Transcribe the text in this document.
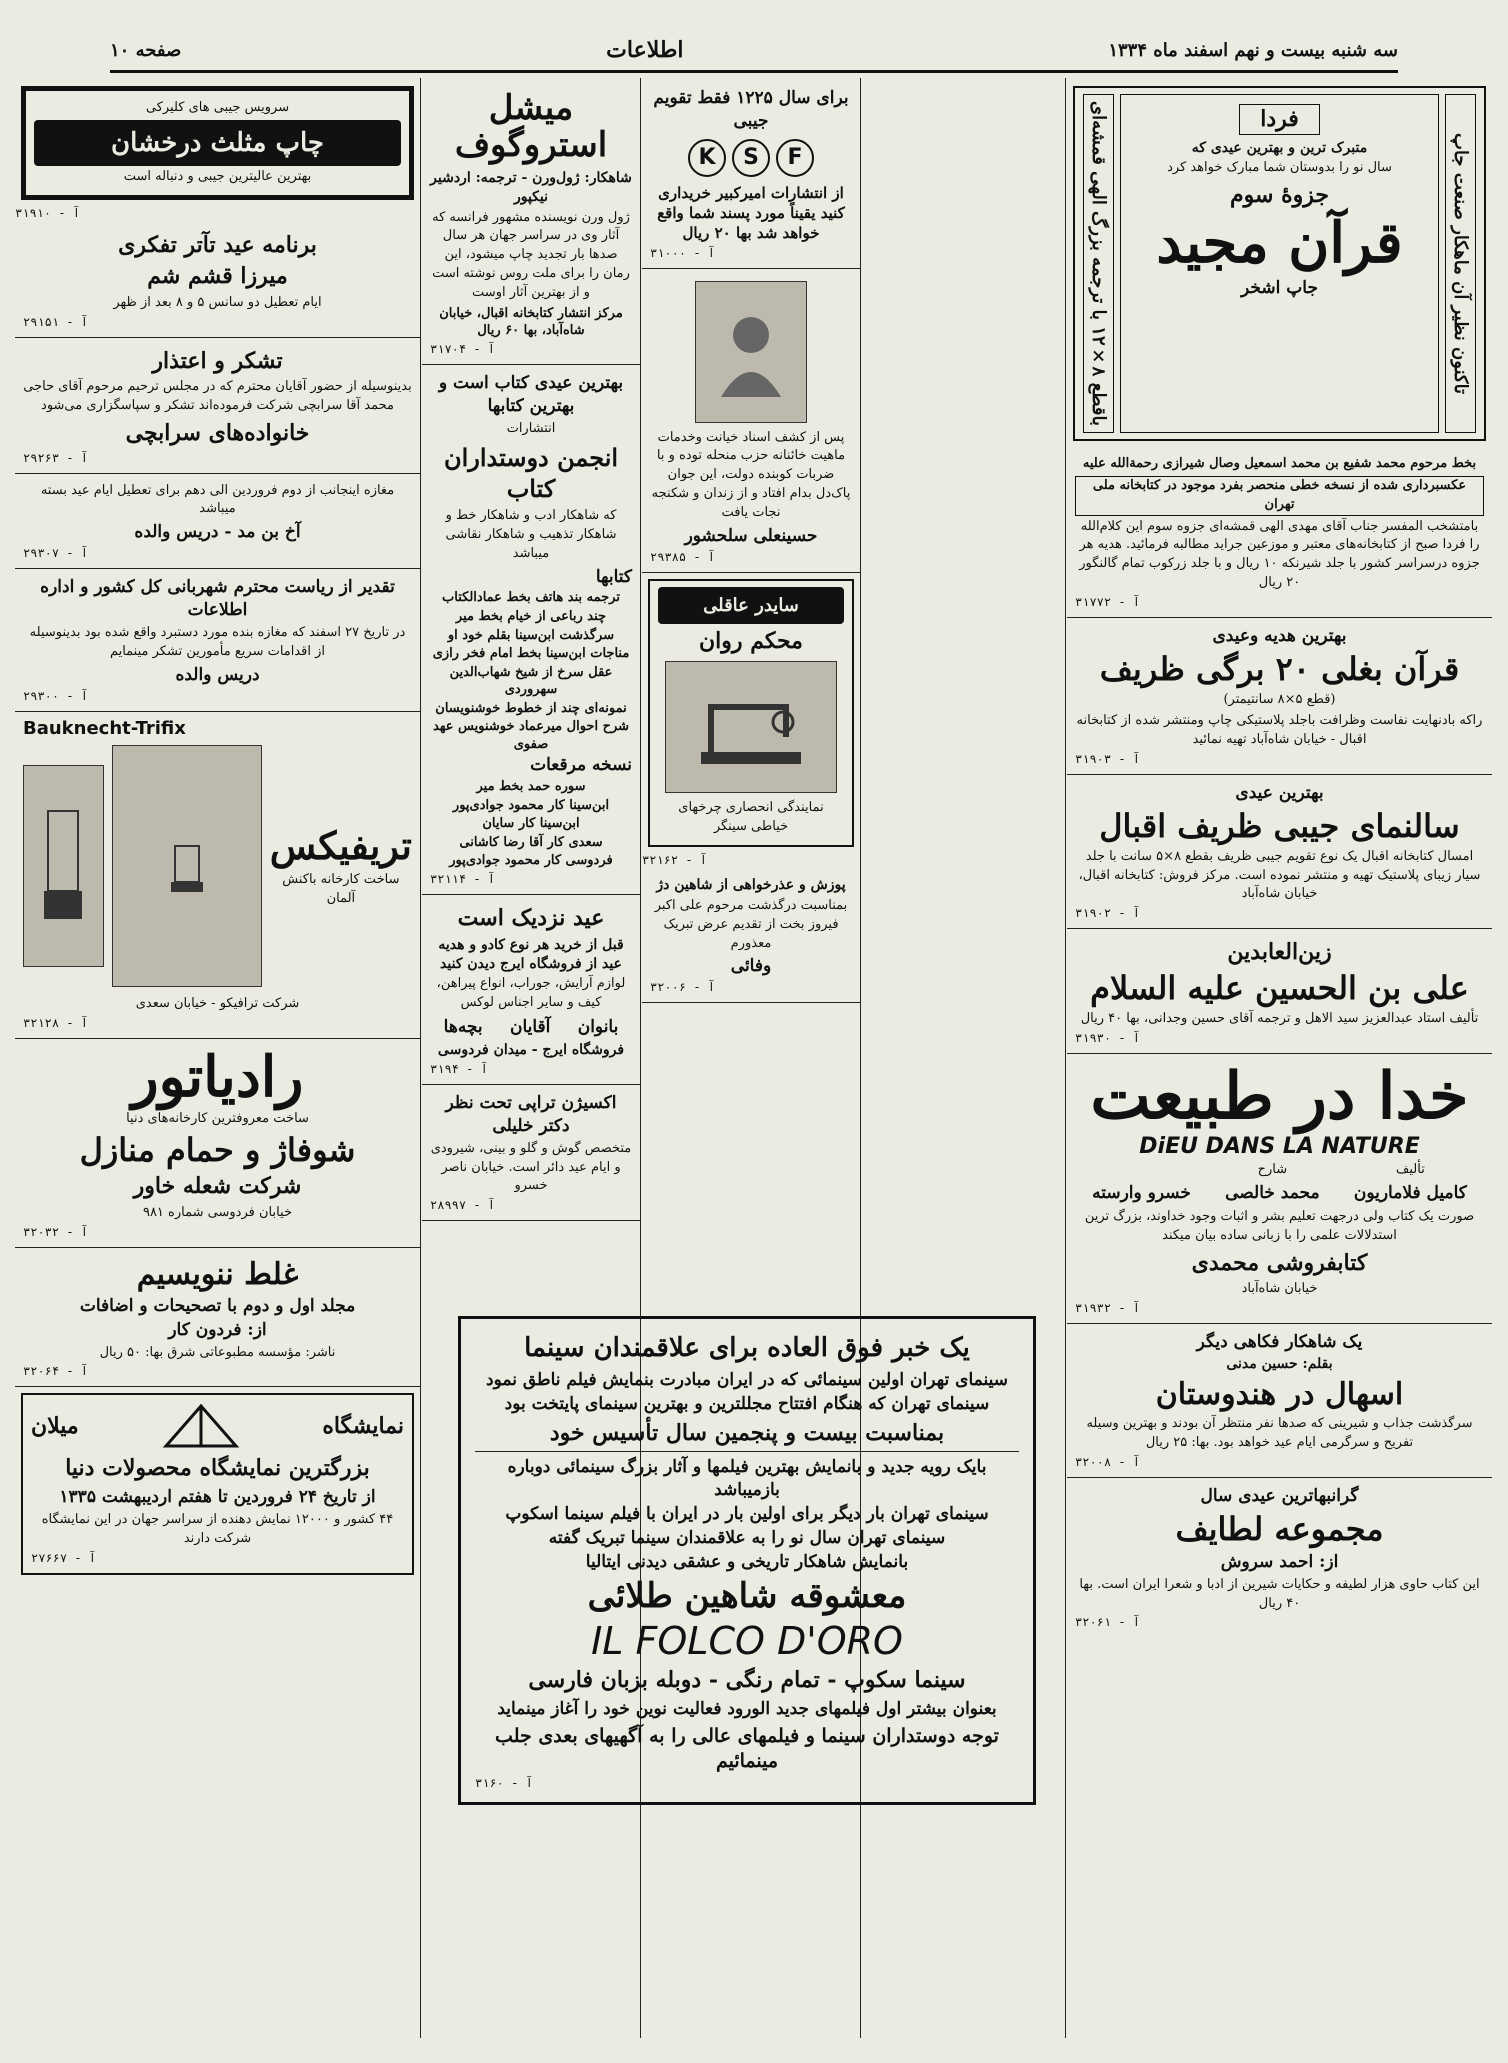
صفحه ۱۰	اطلاعات	سه شنبه بیست و نهم اسفند ماه ۱۳۳۴
سرویس جیبی های کلیرکی
چاپ مثلث درخشان
بهترین عالیترین جیبی و دنباله است
آ - ۳۱۹۱۰
برنامه عید تآتر تفکری
میرزا قشم شم
ایام تعطیل دو سانس ۵ و ۸ بعد از ظهر
آ - ۲۹۱۵۱
تشکر و اعتذار
بدینوسیله از حضور آقایان محترم که در مجلس ترحیم مرحوم آقای حاجی محمد آقا سرابچی شرکت فرموده‌اند تشکر و سپاسگزاری می‌شود
خانواده‌های سرابچی
آ - ۲۹۲۶۳
مغازه اینجانب از دوم فروردین الی دهم برای تعطیل ایام عید بسته میباشد
آخ بن مد - دریس والده
آ - ۲۹۳۰۷
تقدیر از ریاست محترم شهربانی کل کشور و اداره اطلاعات
در تاریخ ۲۷ اسفند که مغازه بنده مورد دستبرد واقع شده بود بدینوسیله از اقدامات سریع مأمورین تشکر مینمایم
دریس والده
آ - ۲۹۳۰۰
Bauknecht-Trifix
تریفیکس
ساخت کارخانه باکنش آلمان
شرکت ترافیکو - خیابان سعدی
آ - ۳۲۱۲۸
رادیاتور
ساخت معروفترین کارخانه‌های دنیا
شوفاژ و حمام منازل
شرکت شعله خاور
خیابان فردوسی شماره ۹۸۱
آ - ۳۲۰۳۲
غلط ننویسیم
مجلد اول و دوم با تصحیحات و اضافات
از: فردون کار
ناشر: مؤسسه مطبوعاتی شرق بها: ۵۰ ریال
آ - ۳۲۰۶۴
نمایشگاه
میلان
بزرگترین نمایشگاه محصولات دنیا
از تاریخ ۲۴ فروردین تا هفتم اردیبهشت ۱۳۳۵
۴۴ کشور و ۱۲۰۰۰ نمایش دهنده از سراسر جهان در این نمایشگاه شرکت دارند
آ - ۲۷۶۶۷
میشل استروگوف
شاهکار: ژول‌ورن - ترجمه: اردشیر نیکپور
ژول ورن نویسنده مشهور فرانسه که آثار وی در سراسر جهان هر سال صدها بار تجدید چاپ میشود، این رمان را برای ملت روس نوشته است و از بهترین آثار اوست
مرکز انتشار کتابخانه اقبال، خیابان شاه‌آباد، بها ۶۰ ریال
آ - ۳۱۷۰۴
بهترین عیدی کتاب است و بهترین کتابها
انتشارات
انجمن دوستداران کتاب
که شاهکار ادب و شاهکار خط و شاهکار تذهیب و شاهکار نقاشی میباشد
کتابها
ترجمه بند هاتف بخط عمادالکتاب
چند رباعی از خیام بخط میر
سرگذشت ابن‌سینا بقلم خود او
مناجات ابن‌سینا بخط امام فخر رازی
عقل سرخ از شیخ شهاب‌الدین سهروردی
نمونه‌ای چند از خطوط خوشنویسان
شرح احوال میرعماد خوشنویس عهد صفوی
نسخه مرقعات
سوره حمد بخط میر
ابن‌سینا کار محمود جوادی‌پور
ابن‌سینا کار سایان
سعدی کار آقا رضا کاشانی
فردوسی کار محمود جوادی‌پور
آ - ۳۲۱۱۴
عید نزدیک است
قبل از خرید هر نوع کادو و هدیه عید از فروشگاه ایرج دیدن کنید
لوازم آرایش، جوراب، انواع پیراهن، کیف و سایر اجناس لوکس
بانوان
آقایان
بچه‌ها
فروشگاه ایرج - میدان فردوسی
آ - ۳۱۹۴
اکسیژن تراپی تحت نظر دکتر خلیلی
متخصص گوش و گلو و بینی، شیرودی و ایام عید دائر است. خیابان ناصر خسرو
آ - ۲۸۹۹۷
برای سال ۱۲۲۵ فقط تقویم جیبی
K	S	F
از انتشارات امیرکبیر خریداری کنید یقیناً مورد پسند شما واقع خواهد شد بها ۲۰ ریال
آ - ۳۱۰۰۰
پس از کشف اسناد خیانت وخدمات ماهیت خائنانه حزب منحله توده و با ضربات کوبنده دولت، این جوان پاک‌دل بدام افتاد و از زندان و شکنجه نجات یافت
حسینعلی سلحشور
آ - ۲۹۳۸۵
سایدر عاقلی
محکم روان
نمایندگی انحصاری چرخهای خیاطی سینگر
آ - ۳۲۱۶۲
پوزش و عذرخواهی از شاهین دژ
بمناسبت درگذشت مرحوم علی اکبر فیروز بخت از تقدیم عرض تبریک معذورم
وفائی
آ - ۳۲۰۰۶
یک خبر فوق العاده برای علاقمندان سینما
سینمای تهران اولین سینمائی که در ایران مبادرت بنمایش فیلم ناطق نمود
سینمای تهران که هنگام افتتاح مجللترین و بهترین سینمای پایتخت بود
بمناسبت بیست و پنجمین سال تأسیس خود
بایک رویه جدید و بانمایش بهترین فیلمها و آثار بزرگ سینمائی دوباره بازمیباشد
سینمای تهران بار دیگر برای اولین بار در ایران با فیلم سینما اسکوپ
سینمای تهران سال نو را به علاقمندان سینما تبریک گفته
بانمایش شاهکار تاریخی و عشقی دیدنی ایتالیا
معشوقه شاهین طلائی
IL FOLCO D'ORO
سینما سکوپ - تمام رنگی - دوبله بزبان فارسی
بعنوان بیشتر اول فیلمهای جدید الورود فعالیت نوین خود را آغاز مینماید
توجه دوستداران سینما و فیلمهای عالی را به آگهیهای بعدی جلب مینمائیم
آ - ۳۱۶۰
تاکنون نظیر آن ماهکار صنعت جاپ
فردا
متبرک ترین و بهترین عیدی که
سال نو را بدوستان شما مبارک خواهد کرد
جزوهٔ سوم
قرآن مجید
جاپ اشخر
باقطع ۸×۱۲ با ترجمه بزرگ الهی قمشه‌ای
بخط مرحوم محمد شفیع بن محمد اسمعیل وصال شیرازی رحمة‌الله علیه
عکسبرداری شده از نسخه خطی منحصر بفرد موجود در کتابخانه ملی تهران
بامتشخب المفسر جناب آقای مهدی الهی قمشه‌ای جزوه سوم این کلام‌الله را فردا صبح از کتابخانه‌های معتبر و موزعین جراید مطالبه فرمائید. هدیه هر جزوه درسراسر کشور با جلد شیرنکه ۱۰ ریال و با جلد زرکوب تمام گالنگور ۲۰ ریال
آ - ۳۱۷۷۲
بهترین هدیه وعیدی
قرآن بغلی ۲۰ برگی ظریف
(قطع ۵×۸ سانتیمتر)
راکه بادنهایت نفاست وظرافت باجلد پلاستیکی چاپ ومنتشر شده از کتابخانه اقبال - خیابان شاه‌آباد تهیه نمائید
آ - ۳۱۹۰۳
بهترین عیدی
سالنمای جیبی ظریف اقبال
امسال کتابخانه اقبال یک نوع تقویم جیبی ظریف بقطع ۸×۵ سانت با جلد سیار زیبای پلاستیک تهیه و منتشر نموده است. مرکز فروش: کتابخانه اقبال، خیابان شاه‌آباد
آ - ۳۱۹۰۲
زین‌العابدین
علی بن الحسین علیه السلام
تألیف استاد عبدالعزیز سید الاهل و ترجمه آقای حسین وجدانی، بها ۴۰ ریال
آ - ۳۱۹۳۰
خدا در طبیعت
DiEU DANS LA NATURE
تألیف
کامیل فلاماریون
شارح
محمد خالصی

خسرو وارسته
صورت یک کتاب ولی درجهت تعلیم بشر و اثبات وجود خداوند، بزرگ ترین استدلالات علمی را با زبانی ساده بیان میکند
کتابفروشی محمدی
خیابان شاه‌آباد
آ - ۳۱۹۳۲
یک شاهکار فکاهی دیگر
بقلم: حسین مدنی
اسهال در هندوستان
سرگذشت جذاب و شیرینی که صدها نفر منتظر آن بودند و بهترین وسیله تفریح و سرگرمی ایام عید خواهد بود. بها: ۲۵ ریال
آ - ۳۲۰۰۸
گرانبهاترین عیدی سال
مجموعه لطایف
از: احمد سروش
این کتاب حاوی هزار لطیفه و حکایات شیرین از ادبا و شعرا ایران است. بها ۴۰ ریال
آ - ۳۲۰۶۱
